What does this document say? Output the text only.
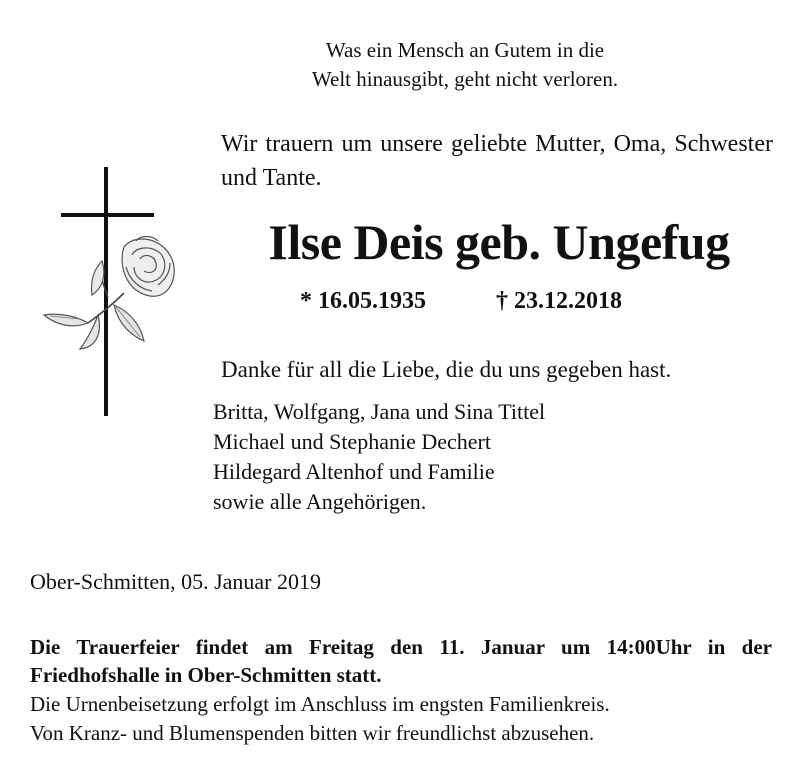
Was ein Mensch an Gutem in die
Welt hinausgibt, geht nicht verloren.
Wir trauern um unsere geliebte Mutter, Oma, Schwester und Tante.
Ilse Deis geb. Ungefug
* 16.05.1935	† 23.12.2018
Danke für all die Liebe, die du uns gegeben hast.
Britta, Wolfgang, Jana und Sina Tittel
Michael und Stephanie Dechert
Hildegard Altenhof und Familie
sowie alle Angehörigen.
Ober-Schmitten, 05. Januar 2019
Die Trauerfeier findet am Freitag den 11. Januar um 14:00Uhr in der Friedhofshalle in Ober-Schmitten statt.
Die Urnenbeisetzung erfolgt im Anschluss im engsten Familienkreis.
Von Kranz- und Blumenspenden bitten wir freundlichst abzusehen.
